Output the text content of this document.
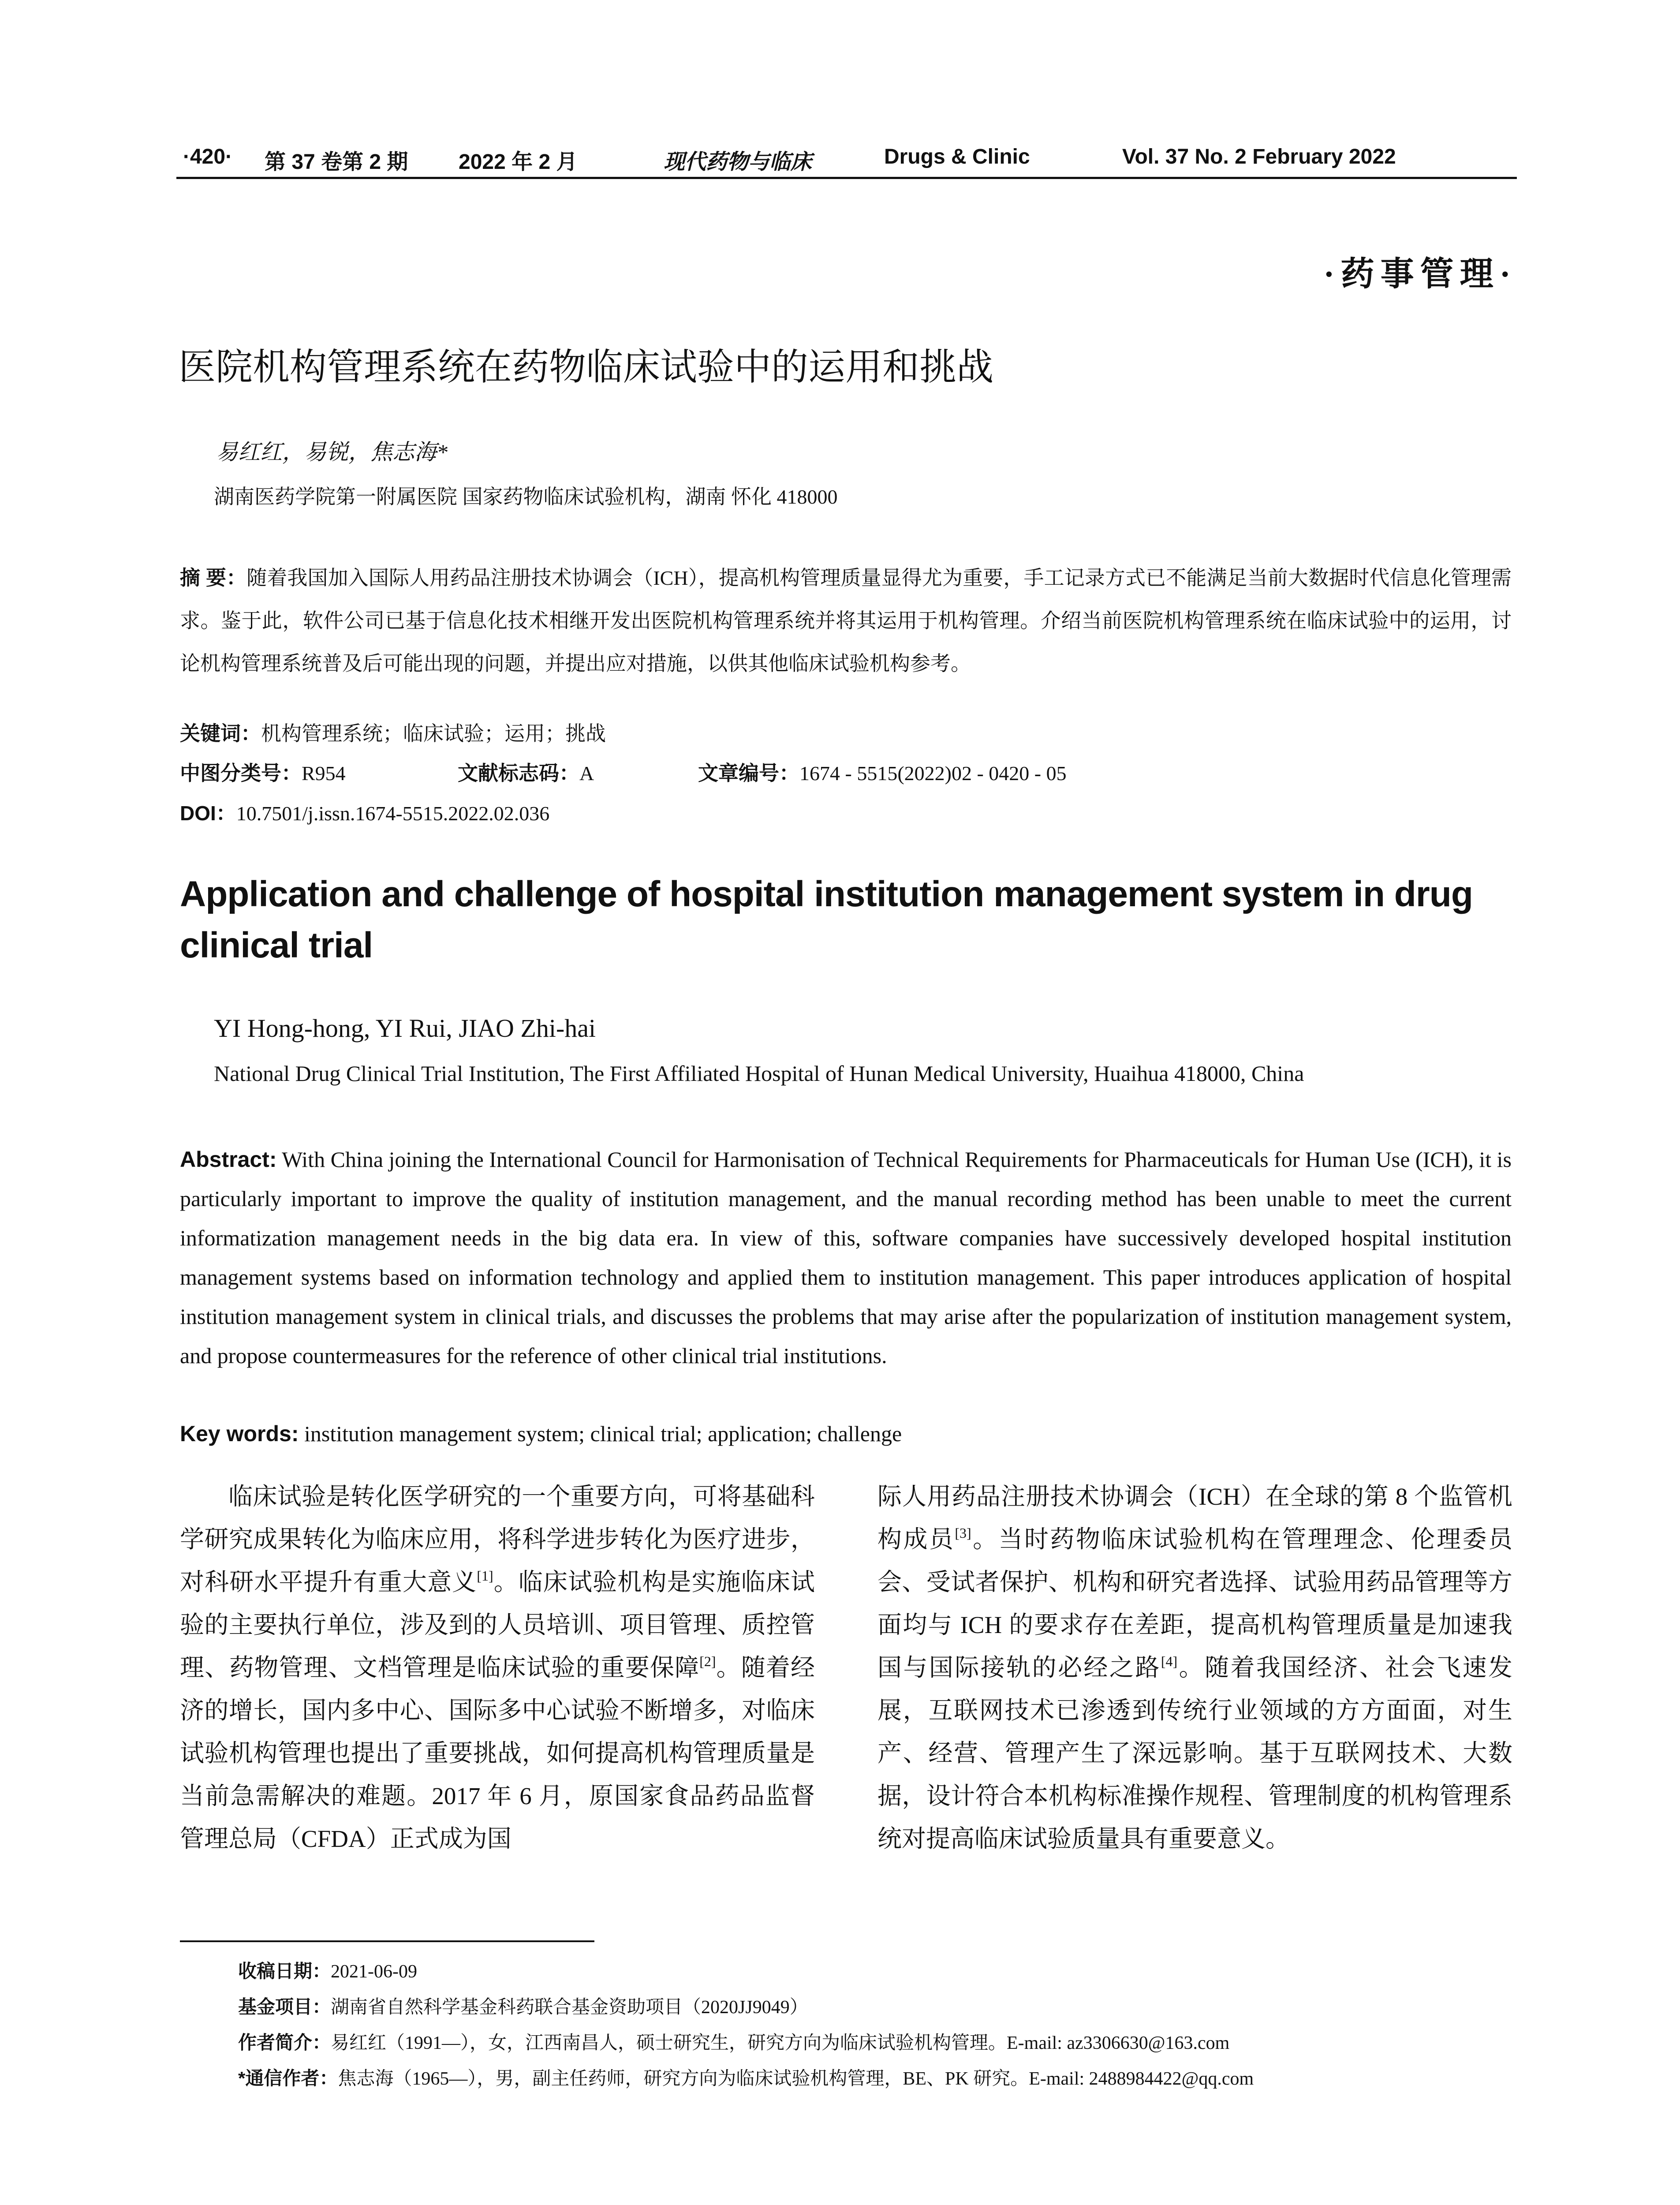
·420· 第 37 卷第 2 期 2022 年 2 月	现代药物与临床	Drugs & Clinic	Vol. 37 No. 2 February 2022
·药事管理·
医院机构管理系统在药物临床试验中的运用和挑战
易红红，易锐，焦志海*
湖南医药学院第一附属医院 国家药物临床试验机构，湖南 怀化 418000
摘 要：随着我国加入国际人用药品注册技术协调会（ICH），提高机构管理质量显得尤为重要，手工记录方式已不能满足当前大数据时代信息化管理需求。鉴于此，软件公司已基于信息化技术相继开发出医院机构管理系统并将其运用于机构管理。介绍当前医院机构管理系统在临床试验中的运用，讨论机构管理系统普及后可能出现的问题，并提出应对措施，以供其他临床试验机构参考。
关键词：机构管理系统；临床试验；运用；挑战
中图分类号：R954	文献标志码：A	文章编号：1674 - 5515(2022)02 - 0420 - 05
DOI：10.7501/j.issn.1674-5515.2022.02.036
Application and challenge of hospital institution management system in drug clinical trial
YI Hong-hong, YI Rui, JIAO Zhi-hai
National Drug Clinical Trial Institution, The First Affiliated Hospital of Hunan Medical University, Huaihua 418000, China
Abstract: With China joining the International Council for Harmonisation of Technical Requirements for Pharmaceuticals for Human Use (ICH), it is particularly important to improve the quality of institution management, and the manual recording method has been unable to meet the current informatization management needs in the big data era. In view of this, software companies have successively developed hospital institution management systems based on information technology and applied them to institution management. This paper introduces application of hospital institution management system in clinical trials, and discusses the problems that may arise after the popularization of institution management system, and propose countermeasures for the reference of other clinical trial institutions.
Key words: institution management system; clinical trial; application; challenge

临床试验是转化医学研究的一个重要方向，可将基础科学研究成果转化为临床应用，将科学进步转化为医疗进步，对科研水平提升有重大意义[1]。临床试验机构是实施临床试验的主要执行单位，涉及到的人员培训、项目管理、质控管理、药物管理、文档管理是临床试验的重要保障[2]。随着经济的增长，国内多中心、国际多中心试验不断增多，对临床试验机构管理也提出了重要挑战，如何提高机构管理质量是当前急需解决的难题。2017 年 6 月，原国家食品药品监督管理总局（CFDA）正式成为国

际人用药品注册技术协调会（ICH）在全球的第 8 个监管机构成员[3]。当时药物临床试验机构在管理理念、伦理委员会、受试者保护、机构和研究者选择、试验用药品管理等方面均与 ICH 的要求存在差距，提高机构管理质量是加速我国与国际接轨的必经之路[4]。随着我国经济、社会飞速发展，互联网技术已渗透到传统行业领域的方方面面，对生产、经营、管理产生了深远影响。基于互联网技术、大数据，设计符合本机构标准操作规程、管理制度的机构管理系统对提高临床试验质量具有重要意义。

收稿日期：2021-06-09
基金项目：湖南省自然科学基金科药联合基金资助项目（2020JJ9049）
作者简介：易红红（1991—），女，江西南昌人，硕士研究生，研究方向为临床试验机构管理。E-mail: az3306630@163.com
*通信作者：焦志海（1965—），男，副主任药师，研究方向为临床试验机构管理，BE、PK 研究。E-mail: 2488984422@qq.com
